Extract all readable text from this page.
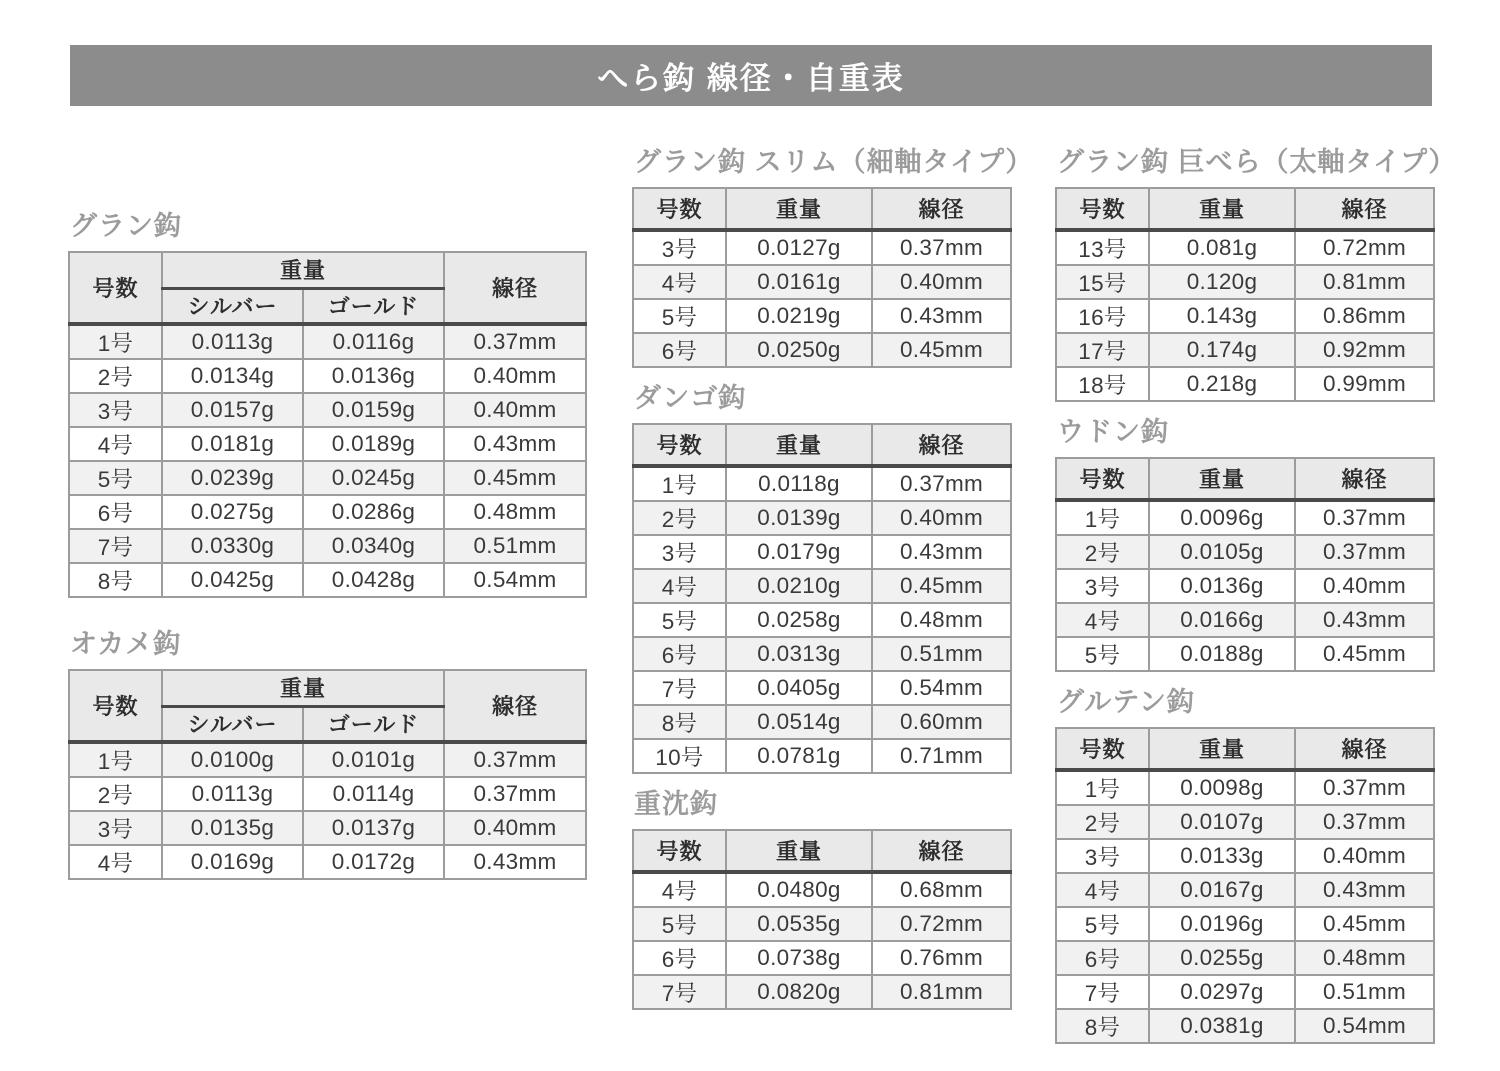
へら鈎 線径・自重表
グラン鈎
号数	重量		線径
	シルバー	ゴールド	
1号	0.0113g	0.0116g	0.37mm
2号	0.0134g	0.0136g	0.40mm
3号	0.0157g	0.0159g	0.40mm
4号	0.0181g	0.0189g	0.43mm
5号	0.0239g	0.0245g	0.45mm
6号	0.0275g	0.0286g	0.48mm
7号	0.0330g	0.0340g	0.51mm
8号	0.0425g	0.0428g	0.54mm
オカメ鈎
号数	重量		線径
	シルバー	ゴールド	
1号	0.0100g	0.0101g	0.37mm
2号	0.0113g	0.0114g	0.37mm
3号	0.0135g	0.0137g	0.40mm
4号	0.0169g	0.0172g	0.43mm
グラン鈎 スリム（細軸タイプ）
号数	重量	線径
3号	0.0127g	0.37mm
4号	0.0161g	0.40mm
5号	0.0219g	0.43mm
6号	0.0250g	0.45mm
ダンゴ鈎
号数	重量	線径
1号	0.0118g	0.37mm
2号	0.0139g	0.40mm
3号	0.0179g	0.43mm
4号	0.0210g	0.45mm
5号	0.0258g	0.48mm
6号	0.0313g	0.51mm
7号	0.0405g	0.54mm
8号	0.0514g	0.60mm
10号	0.0781g	0.71mm
重沈鈎
号数	重量	線径
4号	0.0480g	0.68mm
5号	0.0535g	0.72mm
6号	0.0738g	0.76mm
7号	0.0820g	0.81mm
グラン鈎 巨べら（太軸タイプ）
号数	重量	線径
13号	0.081g	0.72mm
15号	0.120g	0.81mm
16号	0.143g	0.86mm
17号	0.174g	0.92mm
18号	0.218g	0.99mm
ウドン鈎
号数	重量	線径
1号	0.0096g	0.37mm
2号	0.0105g	0.37mm
3号	0.0136g	0.40mm
4号	0.0166g	0.43mm
5号	0.0188g	0.45mm
グルテン鈎
号数	重量	線径
1号	0.0098g	0.37mm
2号	0.0107g	0.37mm
3号	0.0133g	0.40mm
4号	0.0167g	0.43mm
5号	0.0196g	0.45mm
6号	0.0255g	0.48mm
7号	0.0297g	0.51mm
8号	0.0381g	0.54mm
